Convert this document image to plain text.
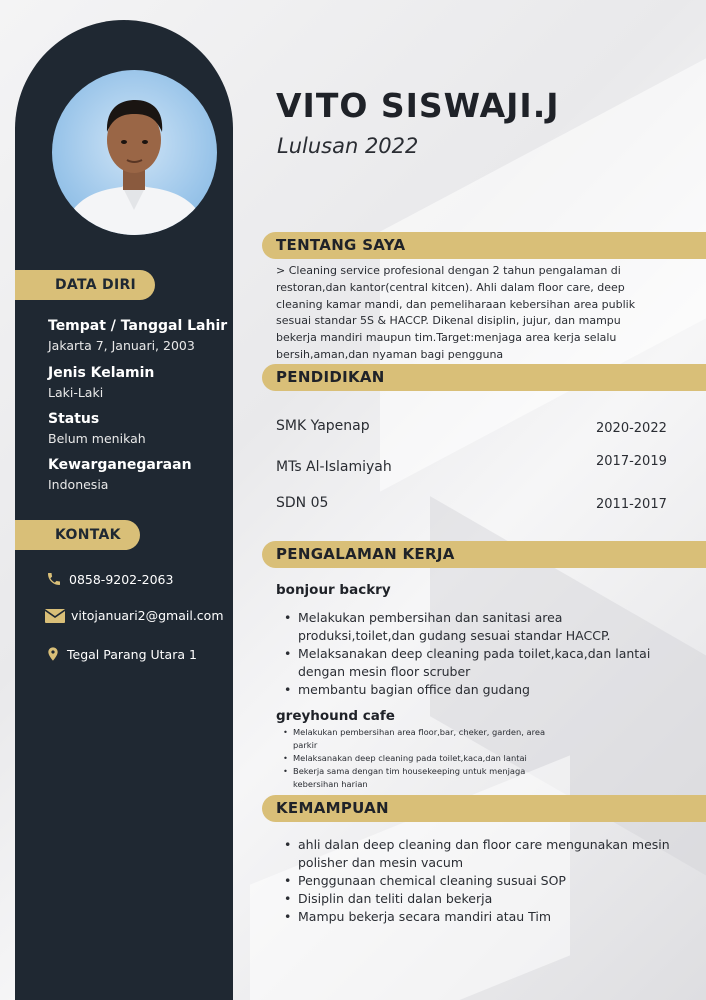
DATA DIRI
Tempat / Tanggal Lahir
Jakarta 7, Januari, 2003
Jenis Kelamin
Laki-Laki
Status
Belum menikah
Kewarganegaraan
Indonesia
KONTAK
0858-9202-2063
vitojanuari2@gmail.com
Tegal Parang Utara 1
VITO SISWAJI.J
Lulusan 2022
TENTANG SAYA
> Cleaning service profesional dengan 2 tahun pengalaman di
restoran,dan kantor(central kitcen). Ahli dalam floor care, deep
cleaning kamar mandi, dan pemeliharaan kebersihan area publik
sesuai standar 5S & HACCP. Dikenal disiplin, jujur, dan mampu
bekerja mandiri maupun tim.Target:menjaga area kerja selalu
bersih,aman,dan nyaman bagi pengguna
PENDIDIKAN
SMK Yapenap	2020-2022
MTs Al-Islamiyah	2017-2019
SDN 05	2011-2017
PENGALAMAN KERJA
bonjour backry
• Melakukan pembersihan dan sanitasi area
produksi,toilet,dan gudang sesuai standar HACCP.
• Melaksanakan deep cleaning pada toilet,kaca,dan lantai
dengan mesin floor scruber
• membantu bagian office dan gudang
greyhound cafe
• Melakukan pembersihan area floor,bar, cheker, garden, area
parkir
• Melaksanakan deep cleaning pada toilet,kaca,dan lantai
• Bekerja sama dengan tim housekeeping untuk menjaga
kebersihan harian
KEMAMPUAN
• ahli dalan deep cleaning dan floor care mengunakan mesin
polisher dan mesin vacum
• Penggunaan chemical cleaning susuai SOP
• Disiplin dan teliti dalan bekerja
• Mampu bekerja secara mandiri atau Tim
